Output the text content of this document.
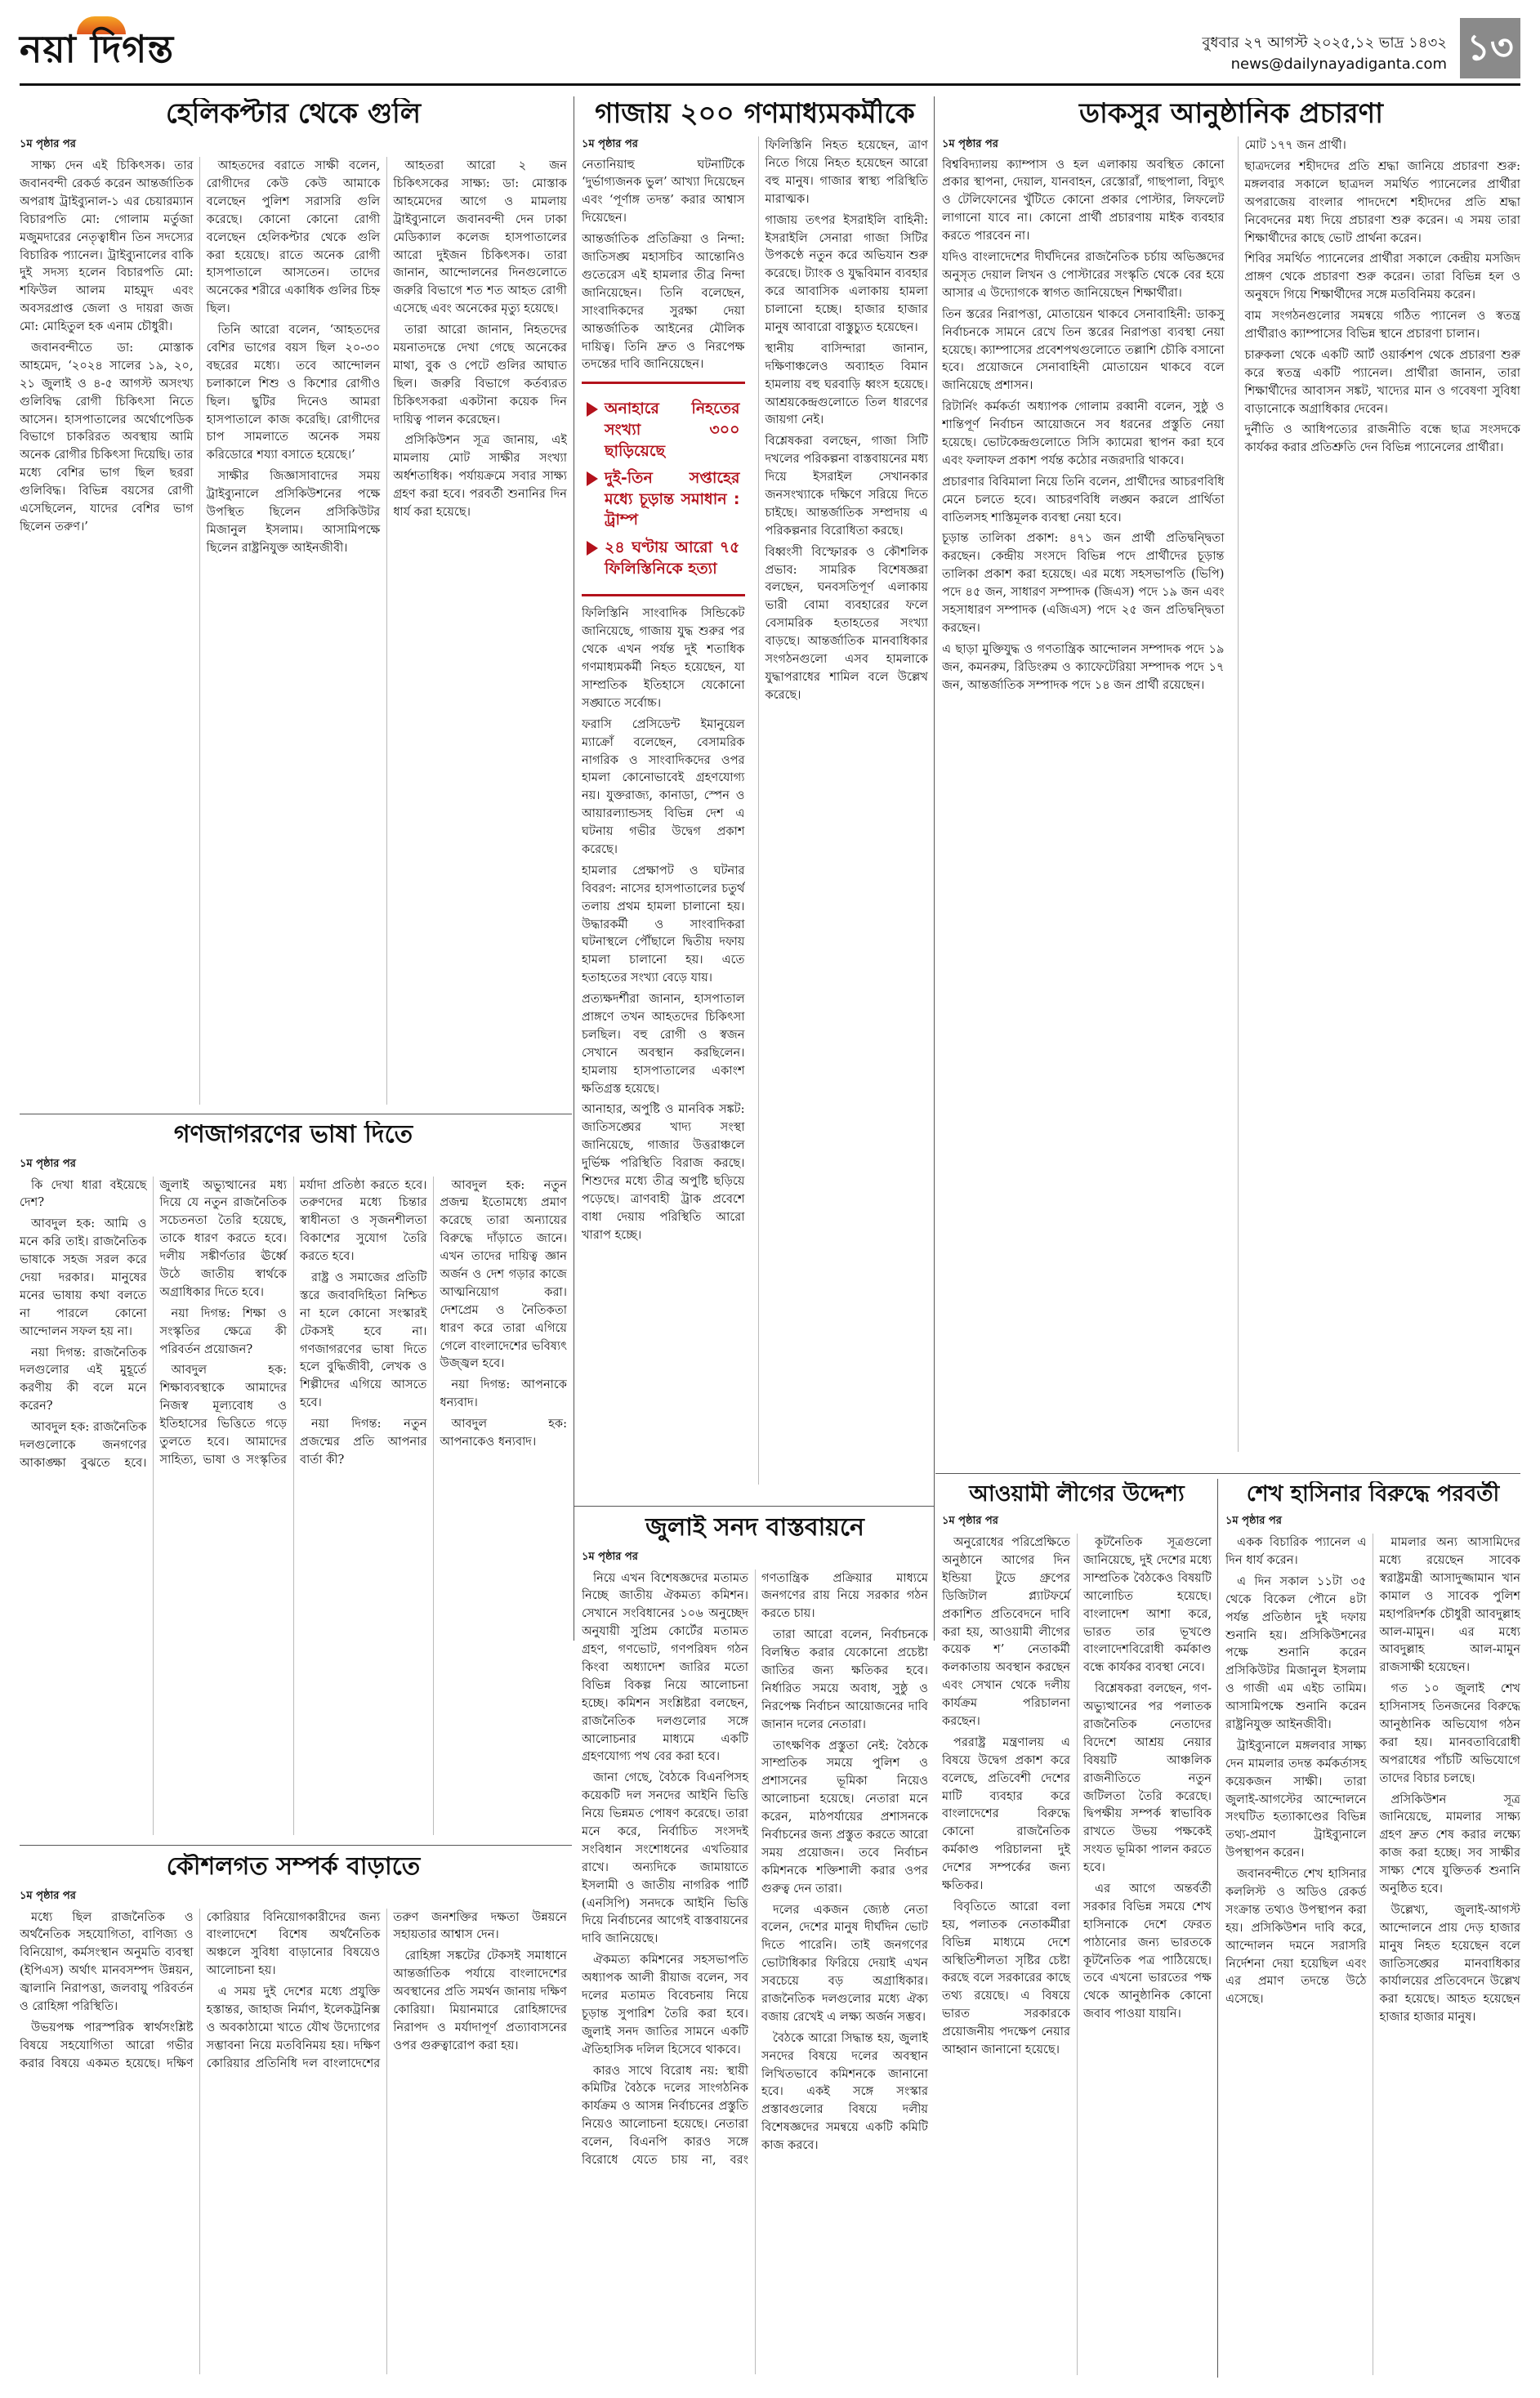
নয়া দিগন্ত	বুধবার ২৭ আগস্ট ২০২৫,১২ ভাদ্র ১৪৩২
news@dailynayadiganta.com ১৩
হেলিকপ্টার থেকে গুলি
১ম পৃষ্ঠার পর

সাক্ষ্য দেন এই চিকিৎসক। তার জবানবন্দী রেকর্ড করেন আন্তর্জাতিক অপরাধ ট্রাইব্যুনাল-১ এর চেয়ারম্যান বিচারপতি মো: গোলাম মর্তুজা মজুমদারের নেতৃত্বাধীন তিন সদস্যের বিচারিক প্যানেল। ট্রাইব্যুনালের বাকি দুই সদস্য হলেন বিচারপতি মো: শফিউল আলম মাহমুদ এবং অবসরপ্রাপ্ত জেলা ও দায়রা জজ মো: মোহিতুল হক এনাম চৌধুরী।

জবানবন্দীতে ডা: মোস্তাক আহমেদ, ‘২০২৪ সালের ১৯, ২০, ২১ জুলাই ও ৪-৫ আগস্ট অসংখ্য গুলিবিদ্ধ রোগী চিকিৎসা নিতে আসেন। হাসপাতালের অর্থোপেডিক বিভাগে চাকরিরত অবস্থায় আমি অনেক রোগীর চিকিৎসা দিয়েছি। তার মধ্যে বেশির ভাগ ছিল ছররা গুলিবিদ্ধ। বিভিন্ন বয়সের রোগী এসেছিলেন, যাদের বেশির ভাগ ছিলেন তরুণ।’

আহতদের বরাতে সাক্ষী বলেন, রোগীদের কেউ কেউ আমাকে বলেছেন পুলিশ সরাসরি গুলি করেছে। কোনো কোনো রোগী বলেছেন হেলিকপ্টার থেকে গুলি করা হয়েছে। রাতে অনেক রোগী হাসপাতালে আসতেন। তাদের অনেকের শরীরে একাধিক গুলির চিহ্ন ছিল।

তিনি আরো বলেন, ‘আহতদের বেশির ভাগের বয়স ছিল ২০-৩০ বছরের মধ্যে। তবে আন্দোলন চলাকালে শিশু ও কিশোর রোগীও ছিল। ছুটির দিনেও আমরা হাসপাতালে কাজ করেছি। রোগীদের চাপ সামলাতে অনেক সময় করিডোরে শয্যা বসাতে হয়েছে।’

সাক্ষীর জিজ্ঞাসাবাদের সময় ট্রাইব্যুনালে প্রসিকিউশনের পক্ষে উপস্থিত ছিলেন প্রসিকিউটর মিজানুল ইসলাম। আসামিপক্ষে ছিলেন রাষ্ট্রনিযুক্ত আইনজীবী।

আহতরা আরো ২ জন চিকিৎসকের সাক্ষ্য: ডা: মোস্তাক আহমেদের আগে ও মামলায় ট্রাইব্যুনালে জবানবন্দী দেন ঢাকা মেডিক্যাল কলেজ হাসপাতালের আরো দুইজন চিকিৎসক। তারা জানান, আন্দোলনের দিনগুলোতে জরুরি বিভাগে শত শত আহত রোগী এসেছে এবং অনেকের মৃত্যু হয়েছে।

তারা আরো জানান, নিহতদের ময়নাতদন্তে দেখা গেছে অনেকের মাথা, বুক ও পেটে গুলির আঘাত ছিল। জরুরি বিভাগে কর্তব্যরত চিকিৎসকরা একটানা কয়েক দিন দায়িত্ব পালন করেছেন।

প্রসিকিউশন সূত্র জানায়, এই মামলায় মোট সাক্ষীর সংখ্যা অর্ধশতাধিক। পর্যায়ক্রমে সবার সাক্ষ্য গ্রহণ করা হবে। পরবর্তী শুনানির দিন ধার্য করা হয়েছে।

গাজায় ২০০ গণমাধ্যমকর্মীকে
১ম পৃষ্ঠার পর

নেতানিয়াহু ঘটনাটিকে ‘দুর্ভাগ্যজনক ভুল’ আখ্যা দিয়েছেন এবং ‘পূর্ণাঙ্গ তদন্ত’ করার আশ্বাস দিয়েছেন।

আন্তর্জাতিক প্রতিক্রিয়া ও নিন্দা: জাতিসঙ্ঘ মহাসচিব আন্তোনিও গুতেরেস এই হামলার তীব্র নিন্দা জানিয়েছেন। তিনি বলেছেন, সাংবাদিকদের সুরক্ষা দেয়া আন্তর্জাতিক আইনের মৌলিক দায়িত্ব। তিনি দ্রুত ও নিরপেক্ষ তদন্তের দাবি জানিয়েছেন।

অনাহারে নিহতের সংখ্যা ৩০০ ছাড়িয়েছে
দুই-তিন সপ্তাহের মধ্যে চূড়ান্ত সমাধান : ট্রাম্প
২৪ ঘণ্টায় আরো ৭৫ ফিলিস্তিনিকে হত্যা

ফিলিস্তিনি সাংবাদিক সিন্ডিকেট জানিয়েছে, গাজায় যুদ্ধ শুরুর পর থেকে এখন পর্যন্ত দুই শতাধিক গণমাধ্যমকর্মী নিহত হয়েছেন, যা সাম্প্রতিক ইতিহাসে যেকোনো সঙ্ঘাতে সর্বোচ্চ।

ফরাসি প্রেসিডেন্ট ইমানুয়েল ম্যাক্রোঁ বলেছেন, বেসামরিক নাগরিক ও সাংবাদিকদের ওপর হামলা কোনোভাবেই গ্রহণযোগ্য নয়। যুক্তরাজ্য, কানাডা, স্পেন ও আয়ারল্যান্ডসহ বিভিন্ন দেশ এ ঘটনায় গভীর উদ্বেগ প্রকাশ করেছে।

হামলার প্রেক্ষাপট ও ঘটনার বিবরণ: নাসের হাসপাতালের চতুর্থ তলায় প্রথম হামলা চালানো হয়। উদ্ধারকর্মী ও সাংবাদিকরা ঘটনাস্থলে পৌঁছালে দ্বিতীয় দফায় হামলা চালানো হয়। এতে হতাহতের সংখ্যা বেড়ে যায়।

প্রত্যক্ষদর্শীরা জানান, হাসপাতাল প্রাঙ্গণে তখন আহতদের চিকিৎসা চলছিল। বহু রোগী ও স্বজন সেখানে অবস্থান করছিলেন। হামলায় হাসপাতালের একাংশ ক্ষতিগ্রস্ত হয়েছে।

আনাহার, অপুষ্টি ও মানবিক সঙ্কট: জাতিসঙ্ঘের খাদ্য সংস্থা জানিয়েছে, গাজার উত্তরাঞ্চলে দুর্ভিক্ষ পরিস্থিতি বিরাজ করছে। শিশুদের মধ্যে তীব্র অপুষ্টি ছড়িয়ে পড়েছে। ত্রাণবাহী ট্রাক প্রবেশে বাধা দেয়ায় পরিস্থিতি আরো খারাপ হচ্ছে।

ফিলিস্তিনি নিহত হয়েছেন, ত্রাণ নিতে গিয়ে নিহত হয়েছেন আরো বহু মানুষ। গাজার স্বাস্থ্য পরিস্থিতি মারাত্মক।

গাজায় তৎপর ইসরাইলি বাহিনী: ইসরাইলি সেনারা গাজা সিটির উপকণ্ঠে নতুন করে অভিযান শুরু করেছে। ট্যাংক ও যুদ্ধবিমান ব্যবহার করে আবাসিক এলাকায় হামলা চালানো হচ্ছে। হাজার হাজার মানুষ আবারো বাস্তুচ্যুত হয়েছেন।

স্থানীয় বাসিন্দারা জানান, দক্ষিণাঞ্চলেও অব্যাহত বিমান হামলায় বহু ঘরবাড়ি ধ্বংস হয়েছে। আশ্রয়কেন্দ্রগুলোতে তিল ধারণের জায়গা নেই।

বিশ্লেষকরা বলছেন, গাজা সিটি দখলের পরিকল্পনা বাস্তবায়নের মধ্য দিয়ে ইসরাইল সেখানকার জনসংখ্যাকে দক্ষিণে সরিয়ে দিতে চাইছে। আন্তর্জাতিক সম্প্রদায় এ পরিকল্পনার বিরোধিতা করছে।

বিধ্বংসী বিস্ফোরক ও কৌশলিক প্রভাব: সামরিক বিশেষজ্ঞরা বলছেন, ঘনবসতিপূর্ণ এলাকায় ভারী বোমা ব্যবহারের ফলে বেসামরিক হতাহতের সংখ্যা বাড়ছে। আন্তর্জাতিক মানবাধিকার সংগঠনগুলো এসব হামলাকে যুদ্ধাপরাধের শামিল বলে উল্লেখ করেছে।

ডাকসুর আনুষ্ঠানিক প্রচারণা
১ম পৃষ্ঠার পর

বিশ্ববিদ্যালয় ক্যাম্পাস ও হল এলাকায় অবস্থিত কোনো প্রকার স্থাপনা, দেয়াল, যানবাহন, রেস্তোরাঁ, গাছপালা, বিদ্যুৎ ও টেলিফোনের খুঁটিতে কোনো প্রকার পোস্টার, লিফলেট লাগানো যাবে না। কোনো প্রার্থী প্রচারণায় মাইক ব্যবহার করতে পারবেন না।

যদিও বাংলাদেশের দীর্ঘদিনের রাজনৈতিক চর্চায় অভিজ্ঞদের অনুসৃত দেয়াল লিখন ও পোস্টারের সংস্কৃতি থেকে বের হয়ে আসার এ উদ্যোগকে স্বাগত জানিয়েছেন শিক্ষার্থীরা।

তিন স্তরের নিরাপত্তা, মোতায়েন থাকবে সেনাবাহিনী: ডাকসু নির্বাচনকে সামনে রেখে তিন স্তরের নিরাপত্তা ব্যবস্থা নেয়া হয়েছে। ক্যাম্পাসের প্রবেশপথগুলোতে তল্লাশি চৌকি বসানো হবে। প্রয়োজনে সেনাবাহিনী মোতায়েন থাকবে বলে জানিয়েছে প্রশাসন।

রিটার্নিং কর্মকর্তা অধ্যাপক গোলাম রব্বানী বলেন, সুষ্ঠু ও শান্তিপূর্ণ নির্বাচন আয়োজনে সব ধরনের প্রস্তুতি নেয়া হয়েছে। ভোটকেন্দ্রগুলোতে সিসি ক্যামেরা স্থাপন করা হবে এবং ফলাফল প্রকাশ পর্যন্ত কঠোর নজরদারি থাকবে।

প্রচারণার বিবিমালা নিয়ে তিনি বলেন, প্রার্থীদের আচরণবিধি মেনে চলতে হবে। আচরণবিধি লঙ্ঘন করলে প্রার্থিতা বাতিলসহ শাস্তিমূলক ব্যবস্থা নেয়া হবে।

চূড়ান্ত তালিকা প্রকাশ: ৪৭১ জন প্রার্থী প্রতিদ্বন্দ্বিতা করছেন। কেন্দ্রীয় সংসদে বিভিন্ন পদে প্রার্থীদের চূড়ান্ত তালিকা প্রকাশ করা হয়েছে। এর মধ্যে সহসভাপতি (ভিপি) পদে ৪৫ জন, সাধারণ সম্পাদক (জিএস) পদে ১৯ জন এবং সহসাধারণ সম্পাদক (এজিএস) পদে ২৫ জন প্রতিদ্বন্দ্বিতা করছেন।

এ ছাড়া মুক্তিযুদ্ধ ও গণতান্ত্রিক আন্দোলন সম্পাদক পদে ১৯ জন, কমনরুম, রিডিংরুম ও ক্যাফেটেরিয়া সম্পাদক পদে ১৭ জন, আন্তর্জাতিক সম্পাদক পদে ১৪ জন প্রার্থী রয়েছেন।

মোট ১৭৭ জন প্রার্থী।

ছাত্রদলের শহীদদের প্রতি শ্রদ্ধা জানিয়ে প্রচারণা শুরু: মঙ্গলবার সকালে ছাত্রদল সমর্থিত প্যানেলের প্রার্থীরা অপরাজেয় বাংলার পাদদেশে শহীদদের প্রতি শ্রদ্ধা নিবেদনের মধ্য দিয়ে প্রচারণা শুরু করেন। এ সময় তারা শিক্ষার্থীদের কাছে ভোট প্রার্থনা করেন।

শিবির সমর্থিত প্যানেলের প্রার্থীরা সকালে কেন্দ্রীয় মসজিদ প্রাঙ্গণ থেকে প্রচারণা শুরু করেন। তারা বিভিন্ন হল ও অনুষদে গিয়ে শিক্ষার্থীদের সঙ্গে মতবিনিময় করেন।

বাম সংগঠনগুলোর সমন্বয়ে গঠিত প্যানেল ও স্বতন্ত্র প্রার্থীরাও ক্যাম্পাসের বিভিন্ন স্থানে প্রচারণা চালান।

চারুকলা থেকে একটি আর্ট ওয়ার্কশপ থেকে প্রচারণা শুরু করে স্বতন্ত্র একটি প্যানেল। প্রার্থীরা জানান, তারা শিক্ষার্থীদের আবাসন সঙ্কট, খাদ্যের মান ও গবেষণা সুবিধা বাড়ানোকে অগ্রাধিকার দেবেন।

দুর্নীতি ও আধিপত্যের রাজনীতি বন্ধে ছাত্র সংসদকে কার্যকর করার প্রতিশ্রুতি দেন বিভিন্ন প্যানেলের প্রার্থীরা।

গণজাগরণের ভাষা দিতে
১ম পৃষ্ঠার পর

কি দেখা ধারা বইয়েছে দেশ?

আবদুল হক: আমি ও মনে করি তাই। রাজনৈতিক ভাষাকে সহজ সরল করে দেয়া দরকার। মানুষের মনের ভাষায় কথা বলতে না পারলে কোনো আন্দোলন সফল হয় না।

নয়া দিগন্ত: রাজনৈতিক দলগুলোর এই মুহূর্তে করণীয় কী বলে মনে করেন?

আবদুল হক: রাজনৈতিক দলগুলোকে জনগণের আকাঙ্ক্ষা বুঝতে হবে। জুলাই অভ্যুত্থানের মধ্য দিয়ে যে নতুন রাজনৈতিক সচেতনতা তৈরি হয়েছে, তাকে ধারণ করতে হবে। দলীয় সঙ্কীর্ণতার ঊর্ধ্বে উঠে জাতীয় স্বার্থকে অগ্রাধিকার দিতে হবে।

নয়া দিগন্ত: শিক্ষা ও সংস্কৃতির ক্ষেত্রে কী পরিবর্তন প্রয়োজন?

আবদুল হক: শিক্ষাব্যবস্থাকে আমাদের নিজস্ব মূল্যবোধ ও ইতিহাসের ভিত্তিতে গড়ে তুলতে হবে। আমাদের সাহিত্য, ভাষা ও সংস্কৃতির মর্যাদা প্রতিষ্ঠা করতে হবে। তরুণদের মধ্যে চিন্তার স্বাধীনতা ও সৃজনশীলতা বিকাশের সুযোগ তৈরি করতে হবে।

রাষ্ট্র ও সমাজের প্রতিটি স্তরে জবাবদিহিতা নিশ্চিত না হলে কোনো সংস্কারই টেকসই হবে না। গণজাগরণের ভাষা দিতে হলে বুদ্ধিজীবী, লেখক ও শিল্পীদের এগিয়ে আসতে হবে।

নয়া দিগন্ত: নতুন প্রজন্মের প্রতি আপনার বার্তা কী?

আবদুল হক: নতুন প্রজন্ম ইতোমধ্যে প্রমাণ করেছে তারা অন্যায়ের বিরুদ্ধে দাঁড়াতে জানে। এখন তাদের দায়িত্ব জ্ঞান অর্জন ও দেশ গড়ার কাজে আত্মনিয়োগ করা। দেশপ্রেম ও নৈতিকতা ধারণ করে তারা এগিয়ে গেলে বাংলাদেশের ভবিষ্যৎ উজ্জ্বল হবে।

নয়া দিগন্ত: আপনাকে ধন্যবাদ।

আবদুল হক: আপনাকেও ধন্যবাদ।

কৌশলগত সম্পর্ক বাড়াতে
১ম পৃষ্ঠার পর

মধ্যে ছিল রাজনৈতিক ও অর্থনৈতিক সহযোগিতা, বাণিজ্য ও বিনিয়োগ, কর্মসংস্থান অনুমতি ব্যবস্থা (ইপিএস) অর্থাৎ মানবসম্পদ উন্নয়ন, জ্বালানি নিরাপত্তা, জলবায়ু পরিবর্তন ও রোহিঙ্গা পরিস্থিতি।

উভয়পক্ষ পারস্পরিক স্বার্থসংশ্লিষ্ট বিষয়ে সহযোগিতা আরো গভীর করার বিষয়ে একমত হয়েছে। দক্ষিণ কোরিয়ার বিনিয়োগকারীদের জন্য বাংলাদেশে বিশেষ অর্থনৈতিক অঞ্চলে সুবিধা বাড়ানোর বিষয়েও আলোচনা হয়।

এ সময় দুই দেশের মধ্যে প্রযুক্তি হস্তান্তর, জাহাজ নির্মাণ, ইলেকট্রনিক্স ও অবকাঠামো খাতে যৌথ উদ্যোগের সম্ভাবনা নিয়ে মতবিনিময় হয়। দক্ষিণ কোরিয়ার প্রতিনিধি দল বাংলাদেশের তরুণ জনশক্তির দক্ষতা উন্নয়নে সহায়তার আশ্বাস দেন।

রোহিঙ্গা সঙ্কটের টেকসই সমাধানে আন্তর্জাতিক পর্যায়ে বাংলাদেশের অবস্থানের প্রতি সমর্থন জানায় দক্ষিণ কোরিয়া। মিয়ানমারে রোহিঙ্গাদের নিরাপদ ও মর্যাদাপূর্ণ প্রত্যাবাসনের ওপর গুরুত্বারোপ করা হয়।

জুলাই সনদ বাস্তবায়নে
১ম পৃষ্ঠার পর

নিয়ে এখন বিশেষজ্ঞদের মতামত নিচ্ছে জাতীয় ঐকমত্য কমিশন। সেখানে সংবিধানের ১০৬ অনুচ্ছেদ অনুযায়ী সুপ্রিম কোর্টের মতামত গ্রহণ, গণভোট, গণপরিষদ গঠন কিংবা অধ্যাদেশ জারির মতো বিভিন্ন বিকল্প নিয়ে আলোচনা হচ্ছে। কমিশন সংশ্লিষ্টরা বলছেন, রাজনৈতিক দলগুলোর সঙ্গে আলোচনার মাধ্যমে একটি গ্রহণযোগ্য পথ বের করা হবে।

জানা গেছে, বৈঠকে বিএনপিসহ কয়েকটি দল সনদের আইনি ভিত্তি নিয়ে ভিন্নমত পোষণ করেছে। তারা মনে করে, নির্বাচিত সংসদই সংবিধান সংশোধনের এখতিয়ার রাখে। অন্যদিকে জামায়াতে ইসলামী ও জাতীয় নাগরিক পার্টি (এনসিপি) সনদকে আইনি ভিত্তি দিয়ে নির্বাচনের আগেই বাস্তবায়নের দাবি জানিয়েছে।

ঐকমত্য কমিশনের সহসভাপতি অধ্যাপক আলী রীয়াজ বলেন, সব দলের মতামত বিবেচনায় নিয়ে চূড়ান্ত সুপারিশ তৈরি করা হবে। জুলাই সনদ জাতির সামনে একটি ঐতিহাসিক দলিল হিসেবে থাকবে।

কারও সাথে বিরোধ নয়: স্থায়ী কমিটির বৈঠকে দলের সাংগঠনিক কার্যক্রম ও আসন্ন নির্বাচনের প্রস্তুতি নিয়েও আলোচনা হয়েছে। নেতারা বলেন, বিএনপি কারও সঙ্গে বিরোধে যেতে চায় না, বরং গণতান্ত্রিক প্রক্রিয়ার মাধ্যমে জনগণের রায় নিয়ে সরকার গঠন করতে চায়।

তারা আরো বলেন, নির্বাচনকে বিলম্বিত করার যেকোনো প্রচেষ্টা জাতির জন্য ক্ষতিকর হবে। নির্ধারিত সময়ে অবাধ, সুষ্ঠু ও নিরপেক্ষ নির্বাচন আয়োজনের দাবি জানান দলের নেতারা।

তাৎক্ষণিক প্রস্তুতা নেই: বৈঠকে সাম্প্রতিক সময়ে পুলিশ ও প্রশাসনের ভূমিকা নিয়েও আলোচনা হয়েছে। নেতারা মনে করেন, মাঠপর্যায়ের প্রশাসনকে নির্বাচনের জন্য প্রস্তুত করতে আরো সময় প্রয়োজন। তবে নির্বাচন কমিশনকে শক্তিশালী করার ওপর গুরুত্ব দেন তারা।

দলের একজন জ্যেষ্ঠ নেতা বলেন, দেশের মানুষ দীর্ঘদিন ভোট দিতে পারেনি। তাই জনগণের ভোটাধিকার ফিরিয়ে দেয়াই এখন সবচেয়ে বড় অগ্রাধিকার। রাজনৈতিক দলগুলোর মধ্যে ঐক্য বজায় রেখেই এ লক্ষ্য অর্জন সম্ভব।

বৈঠকে আরো সিদ্ধান্ত হয়, জুলাই সনদের বিষয়ে দলের অবস্থান লিখিতভাবে কমিশনকে জানানো হবে। একই সঙ্গে সংস্কার প্রস্তাবগুলোর বিষয়ে দলীয় বিশেষজ্ঞদের সমন্বয়ে একটি কমিটি কাজ করবে।

আওয়ামী লীগের উদ্দেশ্য
১ম পৃষ্ঠার পর

অনুরোধের পরিপ্রেক্ষিতে অনুষ্ঠানে আগের দিন ইন্ডিয়া টুডে গ্রুপের ডিজিটাল প্ল্যাটফর্মে প্রকাশিত প্রতিবেদনে দাবি করা হয়, আওয়ামী লীগের কয়েক শ’ নেতাকর্মী কলকাতায় অবস্থান করছেন এবং সেখান থেকে দলীয় কার্যক্রম পরিচালনা করছেন।

পররাষ্ট্র মন্ত্রণালয় এ বিষয়ে উদ্বেগ প্রকাশ করে বলেছে, প্রতিবেশী দেশের মাটি ব্যবহার করে বাংলাদেশের বিরুদ্ধে কোনো রাজনৈতিক কর্মকাণ্ড পরিচালনা দুই দেশের সম্পর্কের জন্য ক্ষতিকর।

বিবৃতিতে আরো বলা হয়, পলাতক নেতাকর্মীরা বিভিন্ন মাধ্যমে দেশে অস্থিতিশীলতা সৃষ্টির চেষ্টা করছে বলে সরকারের কাছে তথ্য রয়েছে। এ বিষয়ে ভারত সরকারকে প্রয়োজনীয় পদক্ষেপ নেয়ার আহ্বান জানানো হয়েছে।

কূটনৈতিক সূত্রগুলো জানিয়েছে, দুই দেশের মধ্যে সাম্প্রতিক বৈঠকেও বিষয়টি আলোচিত হয়েছে। বাংলাদেশ আশা করে, ভারত তার ভূখণ্ডে বাংলাদেশবিরোধী কর্মকাণ্ড বন্ধে কার্যকর ব্যবস্থা নেবে।

বিশ্লেষকরা বলছেন, গণ-অভ্যুত্থানের পর পলাতক রাজনৈতিক নেতাদের বিদেশে আশ্রয় নেয়ার বিষয়টি আঞ্চলিক রাজনীতিতে নতুন জটিলতা তৈরি করেছে। দ্বিপক্ষীয় সম্পর্ক স্বাভাবিক রাখতে উভয় পক্ষকেই সংযত ভূমিকা পালন করতে হবে।

এর আগে অন্তর্বর্তী সরকার বিভিন্ন সময়ে শেখ হাসিনাকে দেশে ফেরত পাঠানোর জন্য ভারতকে কূটনৈতিক পত্র পাঠিয়েছে। তবে এখনো ভারতের পক্ষ থেকে আনুষ্ঠানিক কোনো জবাব পাওয়া যায়নি।

শেখ হাসিনার বিরুদ্ধে পরবর্তী
১ম পৃষ্ঠার পর

একক বিচারিক প্যানেল এ দিন ধার্য করেন।

এ দিন সকাল ১১টা ৩৫ থেকে বিকেল পৌনে ৪টা পর্যন্ত প্রতিষ্ঠান দুই দফায় শুনানি হয়। প্রসিকিউশনের পক্ষে শুনানি করেন প্রসিকিউটর মিজানুল ইসলাম ও গাজী এম এইচ তামিম। আসামিপক্ষে শুনানি করেন রাষ্ট্রনিযুক্ত আইনজীবী।

ট্রাইব্যুনালে মঙ্গলবার সাক্ষ্য দেন মামলার তদন্ত কর্মকর্তাসহ কয়েকজন সাক্ষী। তারা জুলাই-আগস্টের আন্দোলনে সংঘটিত হত্যাকাণ্ডের বিভিন্ন তথ্য-প্রমাণ ট্রাইব্যুনালে উপস্থাপন করেন।

জবানবন্দীতে শেখ হাসিনার কললিস্ট ও অডিও রেকর্ড সংক্রান্ত তথ্যও উপস্থাপন করা হয়। প্রসিকিউশন দাবি করে, আন্দোলন দমনে সরাসরি নির্দেশনা দেয়া হয়েছিল এবং এর প্রমাণ তদন্তে উঠে এসেছে।

মামলার অন্য আসামিদের মধ্যে রয়েছেন সাবেক স্বরাষ্ট্রমন্ত্রী আসাদুজ্জামান খান কামাল ও সাবেক পুলিশ মহাপরিদর্শক চৌধুরী আবদুল্লাহ আল-মামুন। এর মধ্যে আবদুল্লাহ আল-মামুন রাজসাক্ষী হয়েছেন।

গত ১০ জুলাই শেখ হাসিনাসহ তিনজনের বিরুদ্ধে আনুষ্ঠানিক অভিযোগ গঠন করা হয়। মানবতাবিরোধী অপরাধের পাঁচটি অভিযোগে তাদের বিচার চলছে।

প্রসিকিউশন সূত্র জানিয়েছে, মামলার সাক্ষ্য গ্রহণ দ্রুত শেষ করার লক্ষ্যে কাজ করা হচ্ছে। সব সাক্ষীর সাক্ষ্য শেষে যুক্তিতর্ক শুনানি অনুষ্ঠিত হবে।

উল্লেখ্য, জুলাই-আগস্ট আন্দোলনে প্রায় দেড় হাজার মানুষ নিহত হয়েছেন বলে জাতিসঙ্ঘের মানবাধিকার কার্যালয়ের প্রতিবেদনে উল্লেখ করা হয়েছে। আহত হয়েছেন হাজার হাজার মানুষ।
